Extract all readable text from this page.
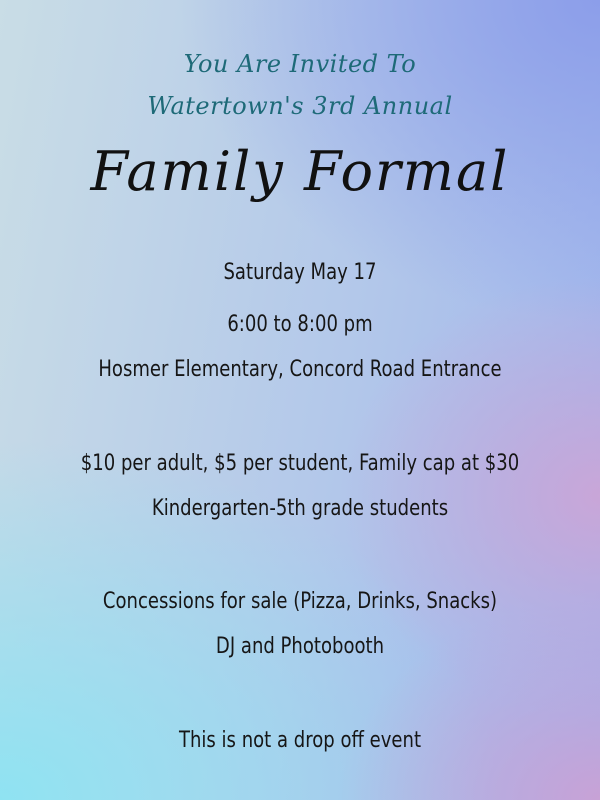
You Are Invited To
Watertown's 3rd Annual
Family Formal
Saturday May 17
6:00 to 8:00 pm
Hosmer Elementary, Concord Road Entrance
$10 per adult, $5 per student, Family cap at $30
Kindergarten-5th grade students
Concessions for sale (Pizza, Drinks, Snacks)
DJ and Photobooth
This is not a drop off event
